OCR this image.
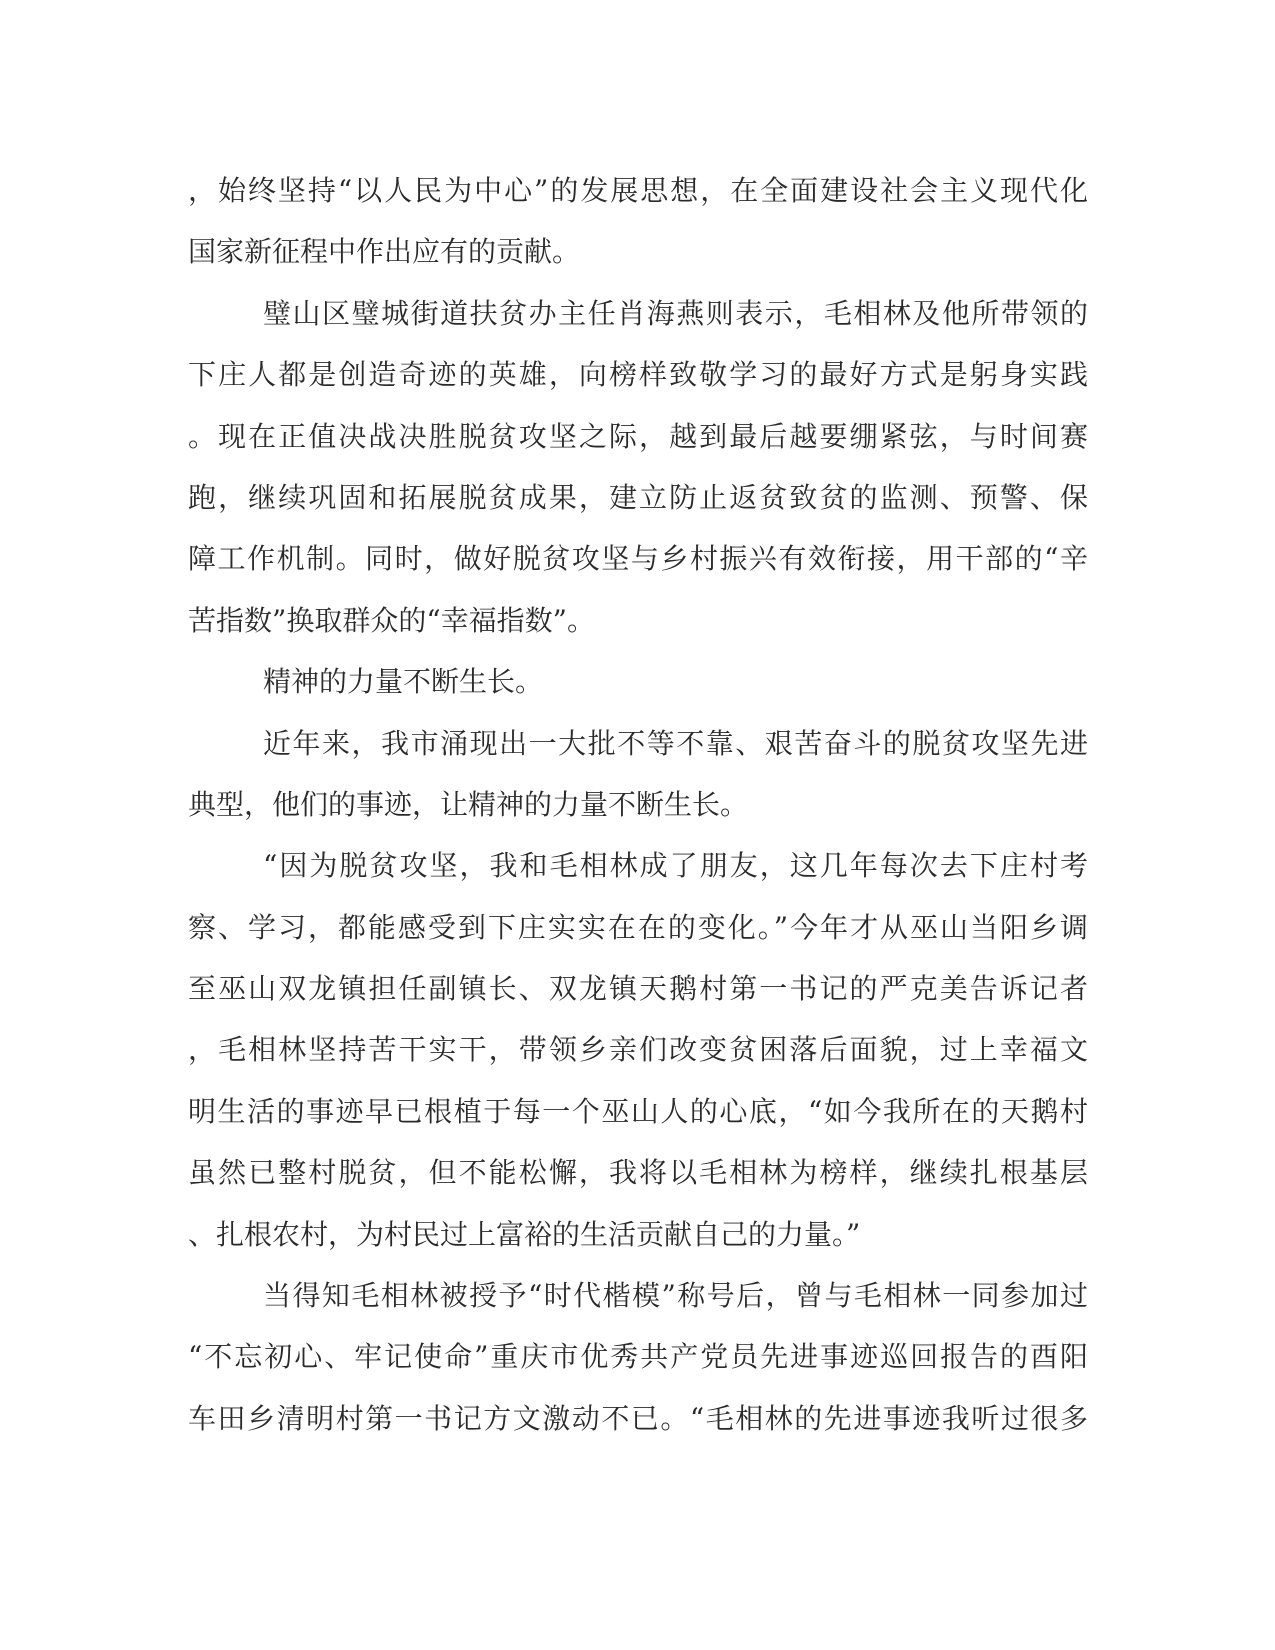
，始终坚持“以人民为中心”的发展思想，在全面建设社会主义现代化
国家新征程中作出应有的贡献。
璧山区璧城街道扶贫办主任肖海燕则表示，毛相林及他所带领的
下庄人都是创造奇迹的英雄，向榜样致敬学习的最好方式是躬身实践
。现在正值决战决胜脱贫攻坚之际，越到最后越要绷紧弦，与时间赛
跑，继续巩固和拓展脱贫成果，建立防止返贫致贫的监测、预警、保
障工作机制。同时，做好脱贫攻坚与乡村振兴有效衔接，用干部的“辛
苦指数”换取群众的“幸福指数”。
精神的力量不断生长。
近年来，我市涌现出一大批不等不靠、艰苦奋斗的脱贫攻坚先进
典型，他们的事迹，让精神的力量不断生长。
“因为脱贫攻坚，我和毛相林成了朋友，这几年每次去下庄村考
察、学习，都能感受到下庄实实在在的变化。”今年才从巫山当阳乡调
至巫山双龙镇担任副镇长、双龙镇天鹅村第一书记的严克美告诉记者
，毛相林坚持苦干实干，带领乡亲们改变贫困落后面貌，过上幸福文
明生活的事迹早已根植于每一个巫山人的心底，“如今我所在的天鹅村
虽然已整村脱贫，但不能松懈，我将以毛相林为榜样，继续扎根基层
、扎根农村，为村民过上富裕的生活贡献自己的力量。”
当得知毛相林被授予“时代楷模”称号后，曾与毛相林一同参加过
“不忘初心、牢记使命”重庆市优秀共产党员先进事迹巡回报告的酉阳
车田乡清明村第一书记方文激动不已。“毛相林的先进事迹我听过很多
